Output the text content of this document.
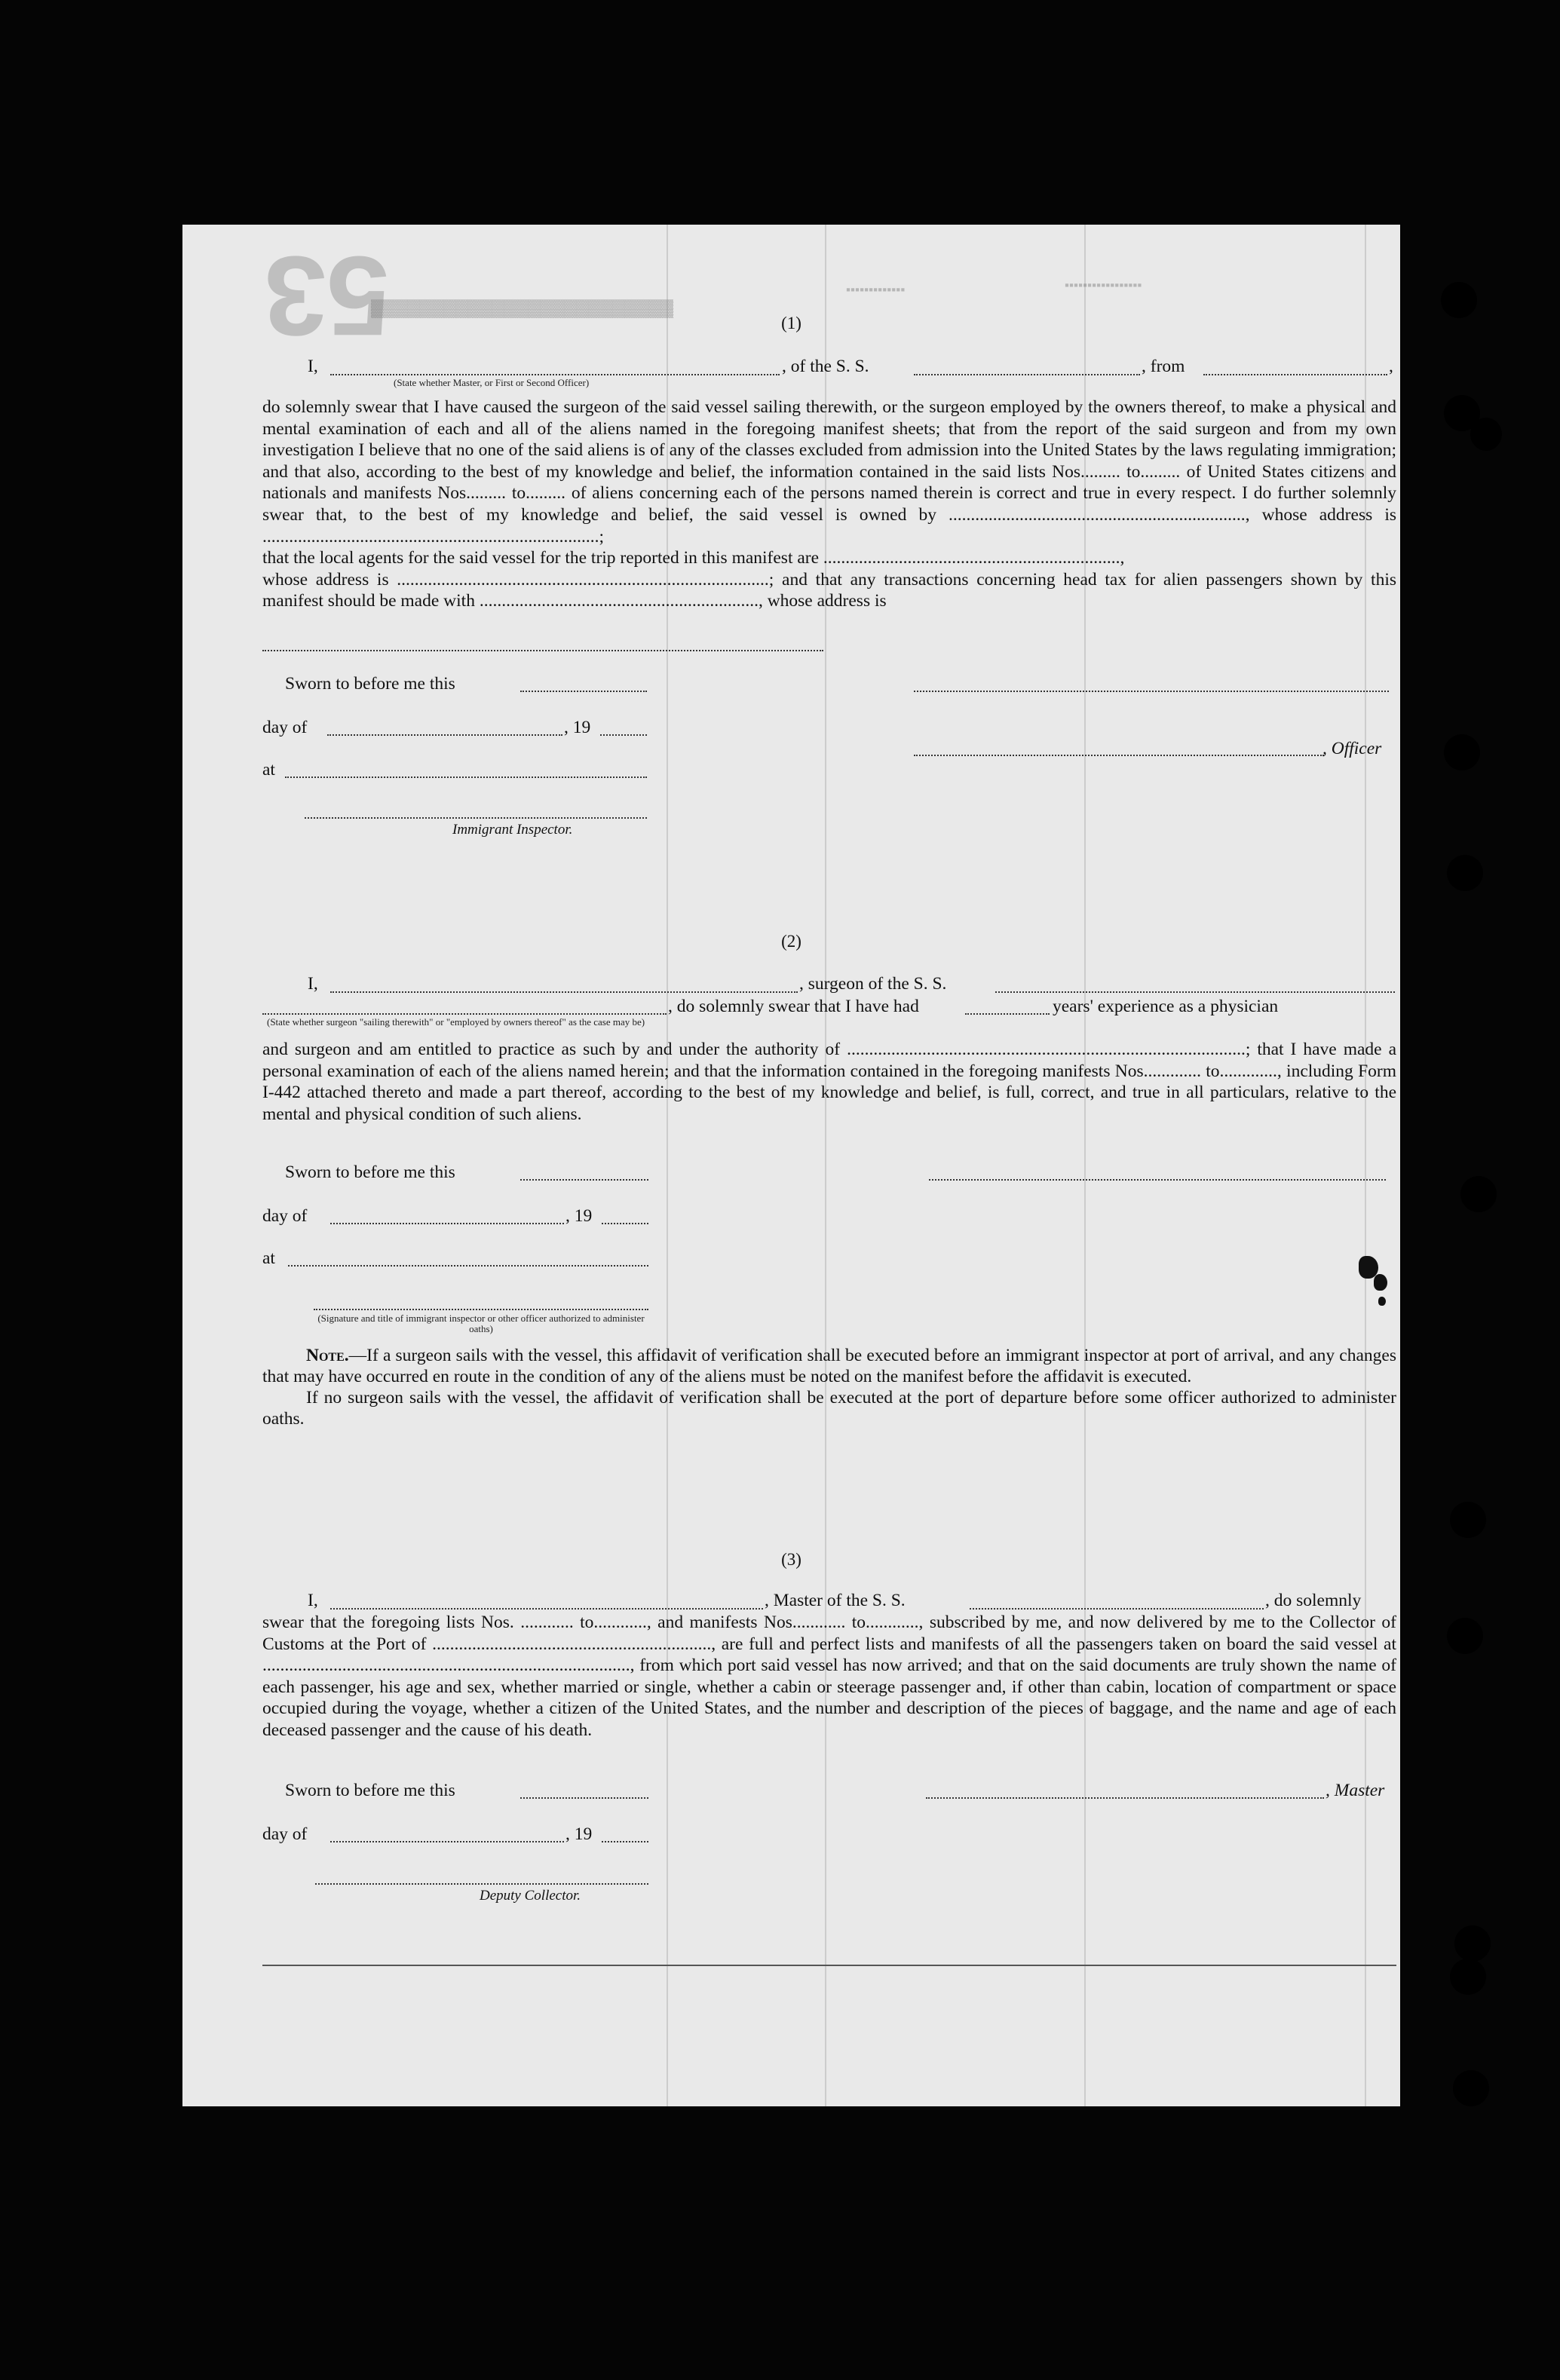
53
▓▓▓▓▓▓▓▓▓▓▓▓▓▓▓▓▓▓▓▓▓▓▓▓▓
▪▪▪▪▪▪▪▪▪▪▪▪▪	▪▪▪▪▪▪▪▪▪▪▪▪▪▪▪▪▪
(1)
I,	, of the S. S.	, from	,
(State whether Master, or First or Second Officer)

do solemnly swear that I have caused the surgeon of the said vessel sailing therewith, or the surgeon employed by the owners thereof, to make a physical and mental examination of each and all of the aliens named in the foregoing manifest sheets; that from the report of the said surgeon and from my own investigation I believe that no one of the said aliens is of any of the classes excluded from admission into the United States by the laws regulating immigration; and that also, according to the best of my knowledge and belief, the information contained in the said lists Nos......... to......... of United States citizens and nationals and manifests Nos......... to......... of aliens concerning each of the persons named therein is correct and true in every respect. I do further solemnly swear that, to the best of my knowledge and belief, the said vessel is owned by ..................................................................., whose address is ............................................................................;

that the local agents for the said vessel for the trip reported in this manifest are ...................................................................,

whose address is ....................................................................................; and that any transactions concerning head tax for alien passengers shown by this manifest should be made with ..............................................................., whose address is

Sworn to before me this
day of	, 19
, Officer
at
Immigrant Inspector.
(2)
I,	, surgeon of the S. S.
, do solemnly swear that I have had	years' experience as a physician
(State whether surgeon "sailing therewith" or "employed by owners thereof" as the case may be)
and surgeon and am entitled to practice as such by and under the authority of ..........................................................................................; that I have made a personal examination of each of the aliens named herein; and that the information contained in the foregoing manifests Nos............. to............., including Form I-442 attached thereto and made a part thereof, according to the best of my knowledge and belief, is full, correct, and true in all particulars, relative to the mental and physical condition of such aliens.
Sworn to before me this
day of	, 19
at
(Signature and title of immigrant inspector or other officer authorized to administer oaths)

Note.—If a surgeon sails with the vessel, this affidavit of verification shall be executed before an immigrant inspector at port of arrival, and any changes that may have occurred en route in the condition of any of the aliens must be noted on the manifest before the affidavit is executed.

If no surgeon sails with the vessel, the affidavit of verification shall be executed at the port of departure before some officer authorized to administer oaths.

(3)
I,	, Master of the S. S.	, do solemnly
swear that the foregoing lists Nos. ............ to............, and manifests Nos............ to............, subscribed by me, and now delivered by me to the Collector of Customs at the Port of ..............................................................., are full and perfect lists and manifests of all the passengers taken on board the said vessel at ..................................................................................., from which port said vessel has now arrived; and that on the said documents are truly shown the name of each passenger, his age and sex, whether married or single, whether a cabin or steerage passenger and, if other than cabin, location of compartment or space occupied during the voyage, whether a citizen of the United States, and the number and description of the pieces of baggage, and the name and age of each deceased passenger and the cause of his death.
Sworn to before me this	, Master
day of	, 19
Deputy Collector.
